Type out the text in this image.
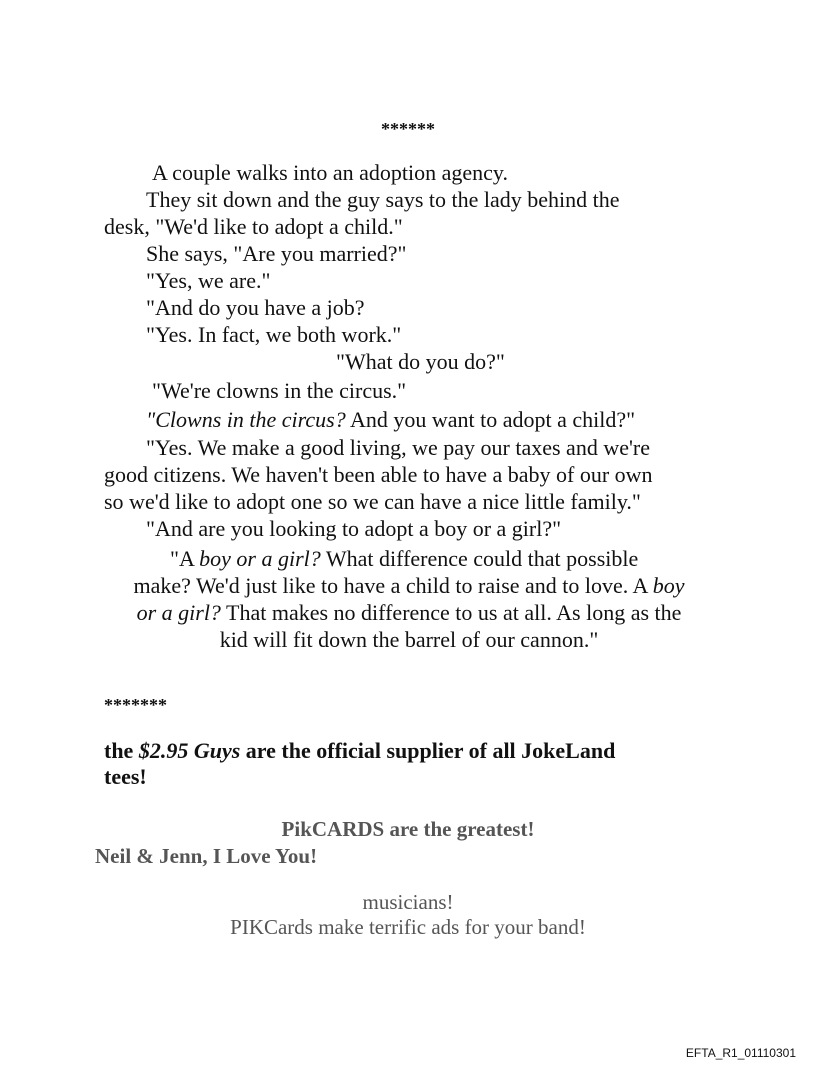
******
A couple walks into an adoption agency.
They sit down and the guy says to the lady behind the
desk, "We'd like to adopt a child."
She says, "Are you married?"
"Yes, we are."
"And do you have a job?
"Yes. In fact, we both work."
"What do you do?"
"We're clowns in the circus."
"Clowns in the circus? And you want to adopt a child?"
"Yes. We make a good living, we pay our taxes and we're
good citizens. We haven't been able to have a baby of our own
so we'd like to adopt one so we can have a nice little family."
"And are you looking to adopt a boy or a girl?"
"A boy or a girl? What difference could that possible
make? We'd just like to have a child to raise and to love. A boy
or a girl? That makes no difference to us at all. As long as the
kid will fit down the barrel of our cannon."
*******
the $2.95 Guys are the official supplier of all JokeLand
tees!
PikCARDS are the greatest!
Neil & Jenn, I Love You!
musicians!
PIKCards make terrific ads for your band!
EFTA_R1_01110301
